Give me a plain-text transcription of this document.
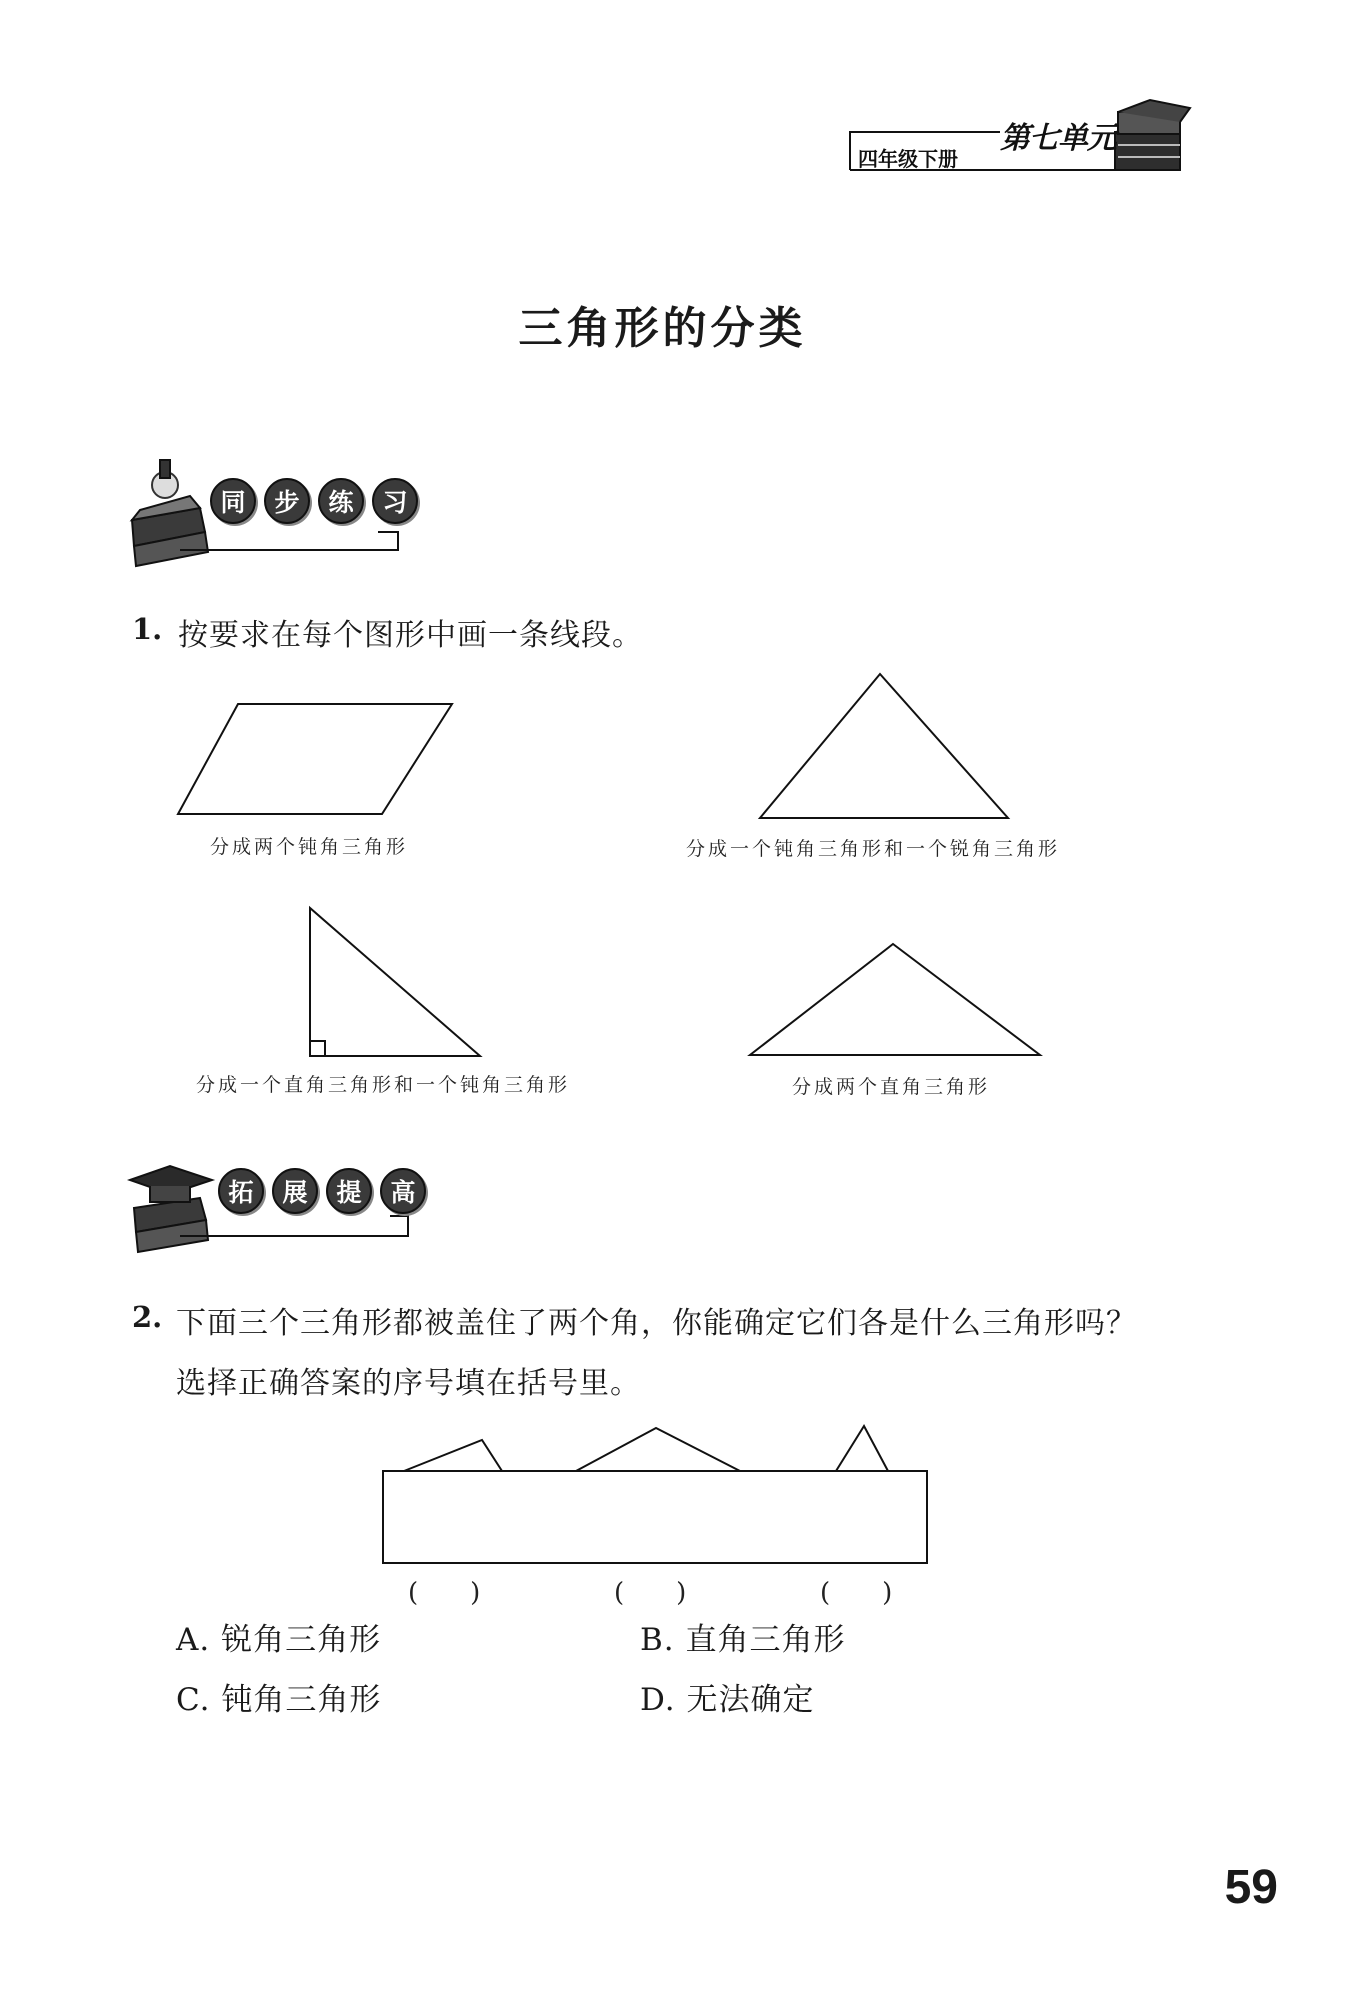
四年级下册
第七单元
三角形的分类
同	步	练	习
1. 按要求在每个图形中画一条线段。
分成两个钝角三角形	分成一个钝角三角形和一个锐角三角形
分成一个直角三角形和一个钝角三角形	分成两个直角三角形
拓	展	提	高
2. 下面三个三角形都被盖住了两个角，你能确定它们各是什么三角形吗？
选择正确答案的序号填在括号里。
(　　)	(　　)	(　　)
A. 锐角三角形	B. 直角三角形
C. 钝角三角形	D. 无法确定
59
